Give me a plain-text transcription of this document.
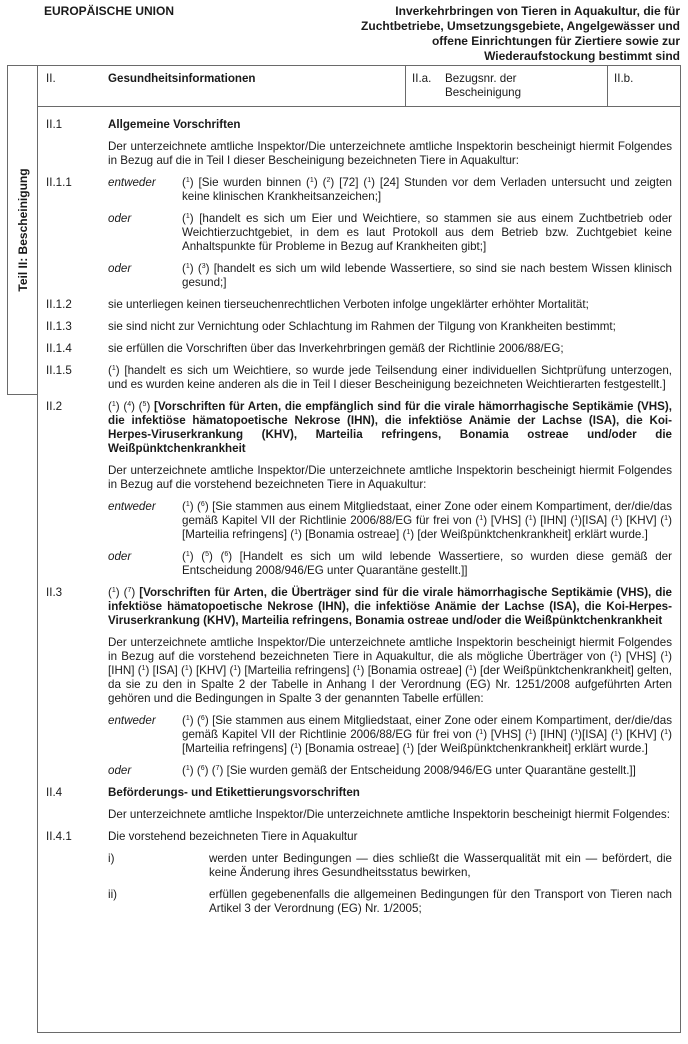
EUROPÄISCHE UNION	Inverkehrbringen von Tieren in Aquakultur, die für Zuchtbetriebe, Umsetzungsgebiete, Angelgewässer und offene Einrichtungen für Ziertiere sowie zur Wiederaufstockung bestimmt sind
Teil II: Bescheinigung
II.	Gesundheitsinformationen	II.a. Bezugsnr. der Bescheinigung
II.b.
II.1	Allgemeine Vorschriften
Der unterzeichnete amtliche Inspektor/Die unterzeichnete amtliche Inspektorin bescheinigt hiermit Folgendes in Bezug auf die in Teil I dieser Bescheinigung bezeichneten Tiere in Aquakultur:
II.1.1	entweder ($^1$) [Sie wurden binnen ($^1$) ($^2$) [72] ($^1$) [24] Stunden vor dem Verladen untersucht und zeigten keine klinischen Krankheitsanzeichen;]
oder	($^1$) [handelt es sich um Eier und Weichtiere, so stammen sie aus einem Zuchtbetrieb oder Weichtierzuchtgebiet, in dem es laut Protokoll aus dem Betrieb bzw. Zuchtgebiet keine Anhaltspunkte für Probleme in Bezug auf Krankheiten gibt;]
oder	($^1$) ($^3$) [handelt es sich um wild lebende Wassertiere, so sind sie nach bestem Wissen klinisch gesund;]
II.1.2	sie unterliegen keinen tierseuchenrechtlichen Verboten infolge ungeklärter erhöhter Mortalität;
II.1.3	sie sind nicht zur Vernichtung oder Schlachtung im Rahmen der Tilgung von Krankheiten bestimmt;
II.1.4	sie erfüllen die Vorschriften über das Inverkehrbringen gemäß der Richtlinie 2006/88/EG;
II.1.5	($^1$) [handelt es sich um Weichtiere, so wurde jede Teilsendung einer individuellen Sichtprüfung unterzogen, und es wurden keine anderen als die in Teil I dieser Bescheinigung bezeichneten Weichtierarten festgestellt.]
II.2	($^1$) ($^4$) ($^5$) [Vorschriften für Arten, die empfänglich sind für die virale hämorrhagische Septikämie (VHS), die infektiöse hämatopoetische Nekrose (IHN), die infektiöse Anämie der Lachse (ISA), die Koi-Herpes-Viruserkrankung (KHV), Marteilia refringens, Bonamia ostreae und/oder die Weißpünktchenkrankheit
Der unterzeichnete amtliche Inspektor/Die unterzeichnete amtliche Inspektorin bescheinigt hiermit Folgendes in Bezug auf die vorstehend bezeichneten Tiere in Aquakultur:
entweder ($^1$) ($^6$) [Sie stammen aus einem Mitgliedstaat, einer Zone oder einem Kompartiment, der/die/das gemäß Kapitel VII der Richtlinie 2006/88/EG für frei von ($^1$) [VHS] ($^1$) [IHN] ($^1$)[ISA] ($^1$) [KHV] ($^1$) [Marteilia refringens] ($^1$) [Bonamia ostreae] ($^1$) [der Weißpünktchenkrankheit] erklärt wurde.]
oder	($^1$) ($^5$) ($^6$) [Handelt es sich um wild lebende Wassertiere, so wurden diese gemäß der Entscheidung 2008/946/EG unter Quarantäne gestellt.]]
II.3	($^1$) ($^7$) [Vorschriften für Arten, die Überträger sind für die virale hämorrhagische Septikämie (VHS), die infektiöse hämatopoetische Nekrose (IHN), die infektiöse Anämie der Lachse (ISA), die Koi-Herpes-Viruserkrankung (KHV), Marteilia refringens, Bonamia ostreae und/oder die Weißpünktchenkrankheit
Der unterzeichnete amtliche Inspektor/Die unterzeichnete amtliche Inspektorin bescheinigt hiermit Folgendes in Bezug auf die vorstehend bezeichneten Tiere in Aquakultur, die als mögliche Überträger von ($^1$) [VHS] ($^1$) [IHN] ($^1$) [ISA] ($^1$) [KHV] ($^1$) [Marteilia refringens] ($^1$) [Bonamia ostreae] ($^1$) [der Weißpünktchenkrankheit] gelten, da sie zu den in Spalte 2 der Tabelle in Anhang I der Verordnung (EG) Nr. 1251/2008 aufgeführten Arten gehören und die Bedingungen in Spalte 3 der genannten Tabelle erfüllen:
entweder ($^1$) ($^6$) [Sie stammen aus einem Mitgliedstaat, einer Zone oder einem Kompartiment, der/die/das gemäß Kapitel VII der Richtlinie 2006/88/EG für frei von ($^1$) [VHS] ($^1$) [IHN] ($^1$)[ISA] ($^1$) [KHV] ($^1$) [Marteilia refringens] ($^1$) [Bonamia ostreae] ($^1$) [der Weißpünktchenkrankheit] erklärt wurde.]
oder	($^1$) ($^6$) ($^7$) [Sie wurden gemäß der Entscheidung 2008/946/EG unter Quarantäne gestellt.]]
II.4	Beförderungs- und Etikettierungsvorschriften
Der unterzeichnete amtliche Inspektor/Die unterzeichnete amtliche Inspektorin bescheinigt hiermit Folgendes:
II.4.1	Die vorstehend bezeichneten Tiere in Aquakultur
i)	werden unter Bedingungen — dies schließt die Wasserqualität mit ein — befördert, die keine Änderung ihres Gesundheitsstatus bewirken,
ii)	erfüllen gegebenenfalls die allgemeinen Bedingungen für den Transport von Tieren nach Artikel 3 der Verordnung (EG) Nr. 1/2005;
